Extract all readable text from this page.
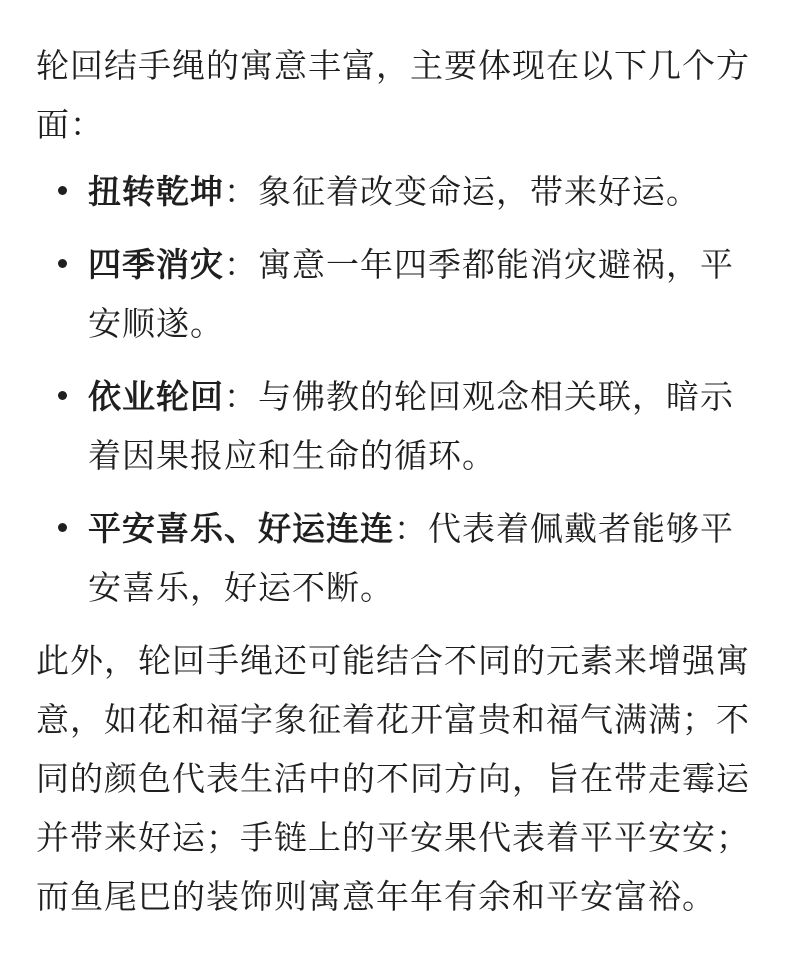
轮回结手绳的寓意丰富，主要体现在以下几个方面：

扭转乾坤：象征着改变命运，带来好运。
四季消灾：寓意一年四季都能消灾避祸，平安顺遂。
依业轮回：与佛教的轮回观念相关联，暗示着因果报应和生命的循环。
平安喜乐、好运连连：代表着佩戴者能够平安喜乐，好运不断。

此外，轮回手绳还可能结合不同的元素来增强寓意，如花和福字象征着花开富贵和福气满满；不同的颜色代表生活中的不同方向，旨在带走霉运并带来好运；手链上的平安果代表着平平安安；而鱼尾巴的装饰则寓意年年有余和平安富裕。
